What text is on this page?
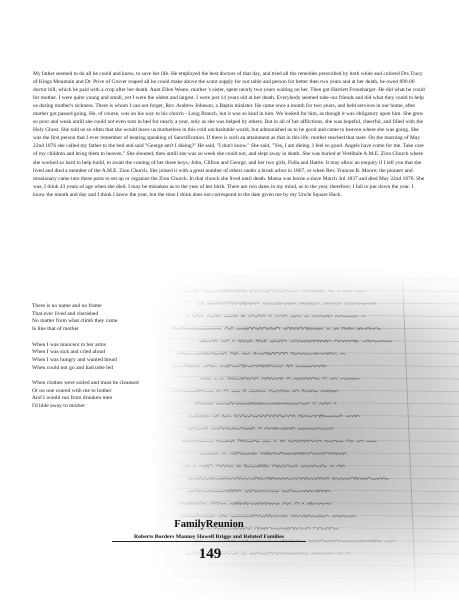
My father seemed to do all he could and knew, to save her life. He employed the best doctors of that day, and tried all the remedies prescribed by both white and colored Drs Tracy of Kings Mountain and Dr. Price of Grover reaped all he could make above the scant supply for our table and person for better then two years and at her death, he owed 890.00 doctor bill, which he paid with a crop after her death. Aunt Ellen Weare, mother 's sister, spent nearly two years waiting on her. Then got Harriett Fronebarger. He did what he could for mother. I were quite young and small, yet I were the oldest and largest. I were just 14 years old at her death. Everybody seemed tobe our friends and did what they could to help us during mother's sickness. There is whom I can not forget, Rev. Andrew Johnson, a Baptis minister. He came once a month for two years, and held services in our home, after mother got passed going. He, of course, was on his way to his church - Long Branch, but it was so kind in him. We looked for him, as though it was obligatory upon him. She grew so poor and weak untill she could not even turn in bed for nearly a year, only as she was helped by others. But in all of her afflictions, she was hopeful, cheerful, and filled with the Holy Ghost. She told us so often that she would leave us motherless in this cold uncharitable world, but admonished us to be good and come to heaven where she was going. She was the first person that I ever remember of hearing speaking of Sanctification. If there is such an attainment as that in this life, mother reached that state. On the morning of May 22nd 1876 she called my father to the bed and said "George am't I dieing?" He said, "I don't know." She said, "Yes, I am dieing. I feel so good. Angels have come for me. Take care of my children and bring them to heaven." She shouted, then untill she was so week she could not, and slept away in death. She was buried at Vestibule A.M.E. Zion Church where she worked so hard to help build, to await the coming of her three boys,-John, Clifton and George, and her two girls, Fulla and Hattie. It may allow an enquiry if I tell you that she lived and died a member of the A.M.E. Zion Church. She joined it with a great number of others under a brush arbor in 1867, or when Rev. Frances B. Moore; the pioneer and missionary came into these parts to set up or organize the Zion Church. In that church she lived until death. Mama was borne a slave March 3rd 1837 and died May 22nd 1876. She was, I think 43 years of age when she died. I may be mistaken as to the year of her birth. There are two dates in my mind, as to the year, therefore; I fail to put down the year. I know the month and day and I think I know the year, but the time I think does not correspond to the date given me by my Uncle Square Hack.

There is no name and no frame
That ever lived and cherished
No matter from what climb they came
Is like that of mother
When I was innocent in her arms
When I was sick and cried aloud
When I was hungry and wanted bread
When could not go and had tobe led
When clothes were soiled and must be cleansed
Or no one ceared with me to bother
And I would run from drunken men
I'd hide away to mother
FamilyReunion
Roberts Borders Mauney Howell Briggs and Related Families
149
